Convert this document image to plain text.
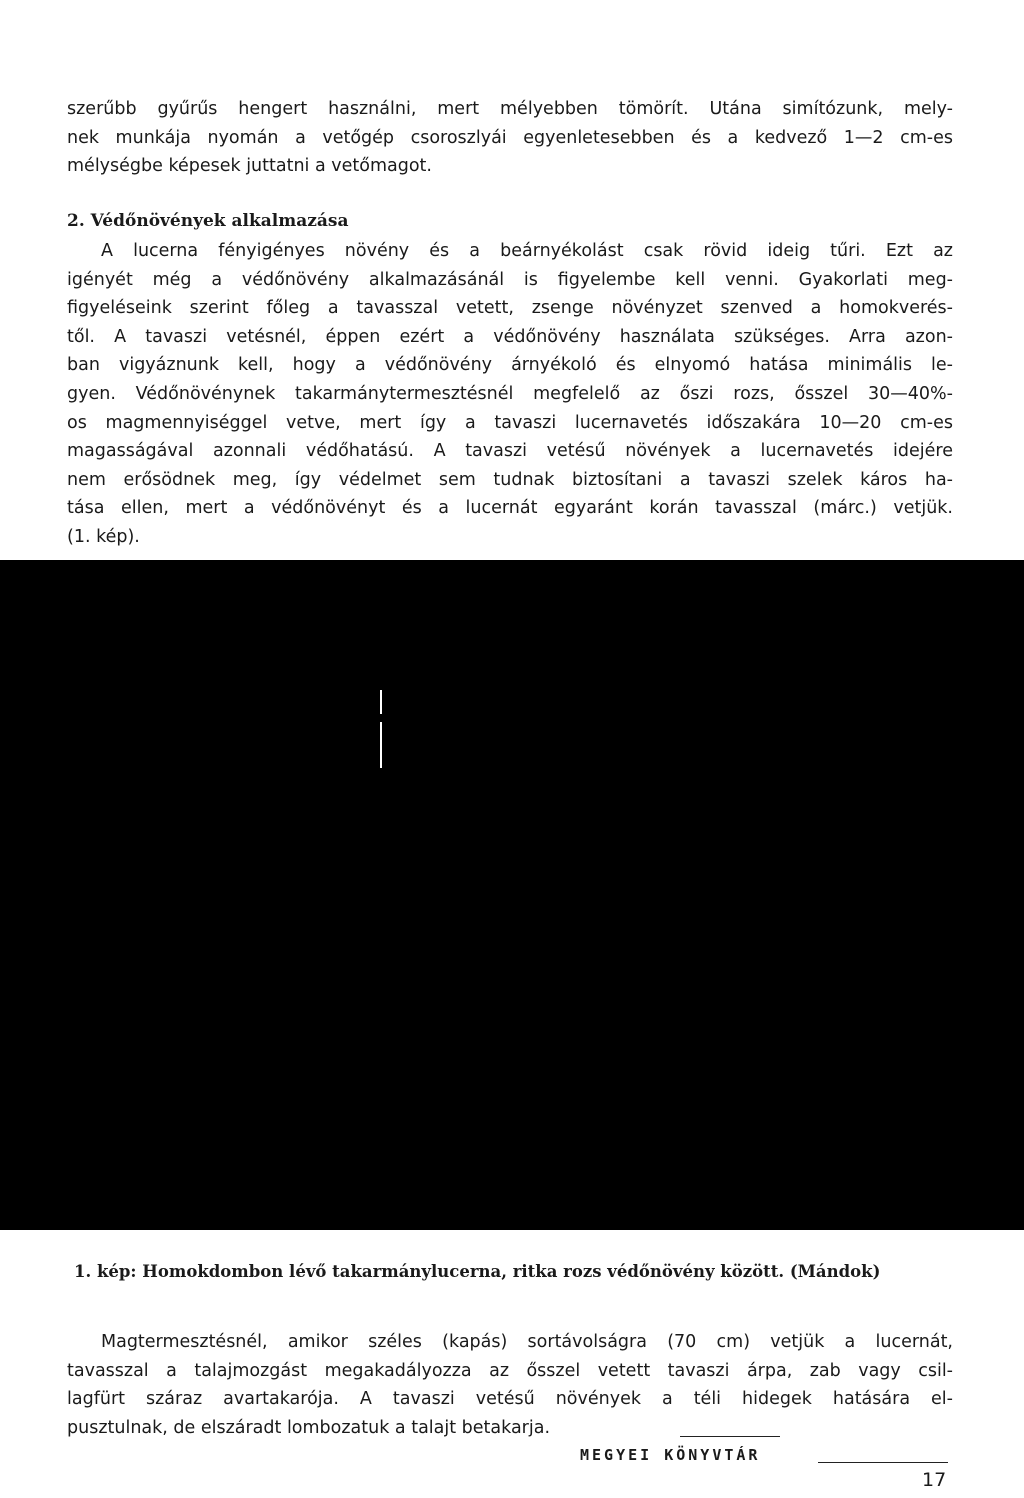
szerűbb gyűrűs hengert használni, mert mélyebben tömörít. Utána simítózunk, mely-
nek munkája nyomán a vetőgép csoroszlyái egyenletesebben és a kedvező 1—2 cm-es
mélységbe képesek juttatni a vetőmagot.
2. Védőnövények alkalmazása
A lucerna fényigényes növény és a beárnyékolást csak rövid ideig tűri. Ezt az
igényét még a védőnövény alkalmazásánál is figyelembe kell venni. Gyakorlati meg-
figyeléseink szerint főleg a tavasszal vetett, zsenge növényzet szenved a homokverés-
től. A tavaszi vetésnél, éppen ezért a védőnövény használata szükséges. Arra azon-
ban vigyáznunk kell, hogy a védőnövény árnyékoló és elnyomó hatása minimális le-
gyen. Védőnövénynek takarmánytermesztésnél megfelelő az őszi rozs, ősszel 30—40%-
os magmennyiséggel vetve, mert így a tavaszi lucernavetés időszakára 10—20 cm-es
magasságával azonnali védőhatású. A tavaszi vetésű növények a lucernavetés idejére
nem erősödnek meg, így védelmet sem tudnak biztosítani a tavaszi szelek káros ha-
tása ellen, mert a védőnövényt és a lucernát egyaránt korán tavasszal (márc.) vetjük.
(1. kép).
1. kép: Homokdombon lévő takarmánylucerna, ritka rozs védőnövény között. (Mándok)
Magtermesztésnél, amikor széles (kapás) sortávolságra (70 cm) vetjük a lucernát,
tavasszal a talajmozgást megakadályozza az ősszel vetett tavaszi árpa, zab vagy csil-
lagfürt száraz avartakarója. A tavaszi vetésű növények a téli hidegek hatására el-
pusztulnak, de elszáradt lombozatuk a talajt betakarja.
MEGYEI KÖNYVTÁR
17
